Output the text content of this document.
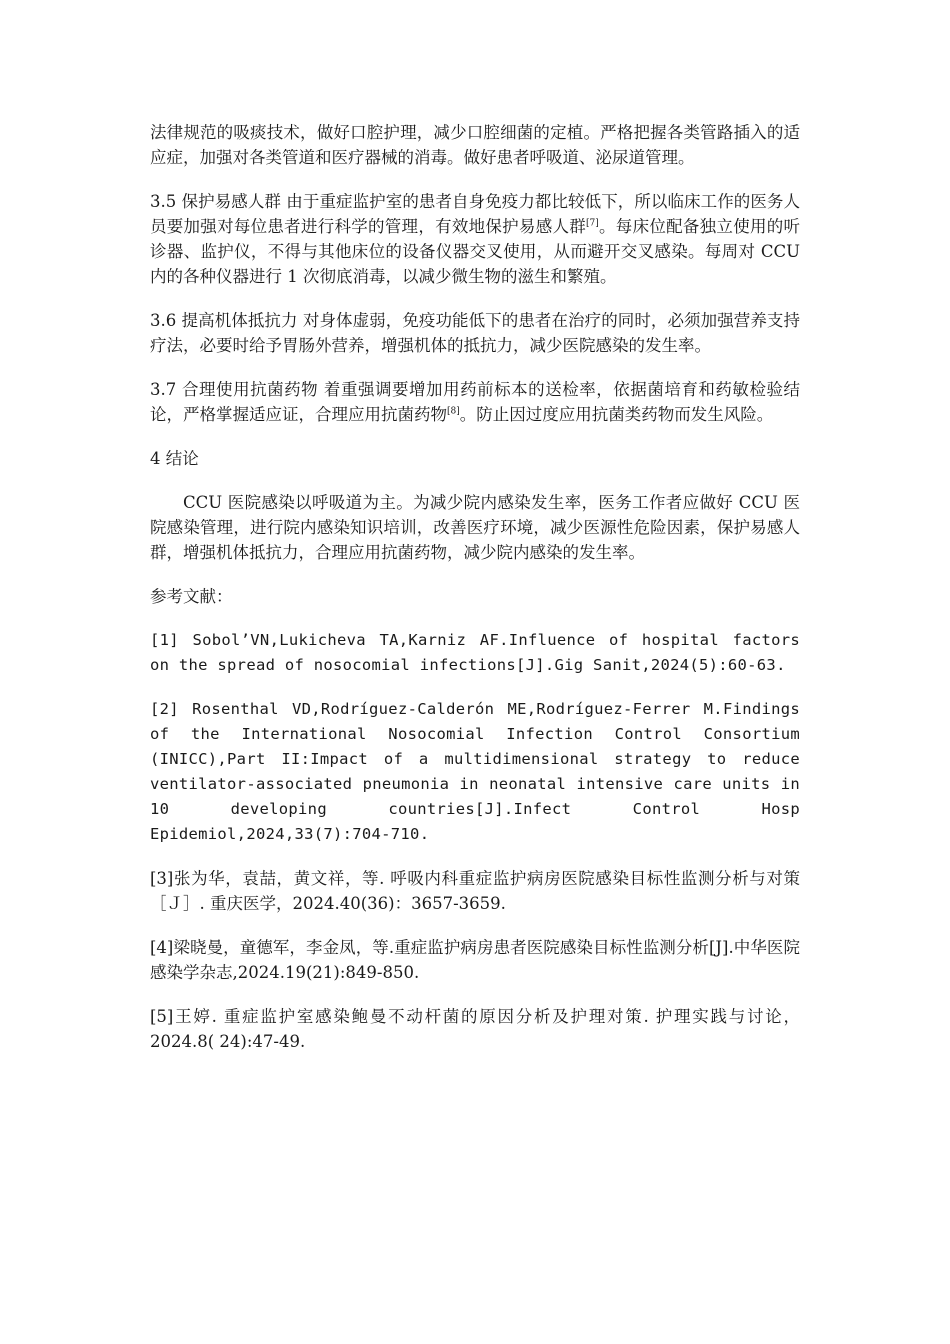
法律规范的吸痰技术，做好口腔护理，减少口腔细菌的定植。严格把握各类管路插入的适应症，加强对各类管道和医疗器械的消毒。做好患者呼吸道、泌尿道管理。

3.5 保护易感人群 由于重症监护室的患者自身免疫力都比较低下，所以临床工作的医务人员要加强对每位患者进行科学的管理，有效地保护易感人群[7]。每床位配备独立使用的听诊器、监护仪，不得与其他床位的设备仪器交叉使用，从而避开交叉感染。每周对 CCU 内的各种仪器进行 1 次彻底消毒，以减少微生物的滋生和繁殖。

3.6 提高机体抵抗力 对身体虚弱，免疫功能低下的患者在治疗的同时，必须加强营养支持疗法，必要时给予胃肠外营养，增强机体的抵抗力，减少医院感染的发生率。

3.7 合理使用抗菌药物 着重强调要增加用药前标本的送检率，依据菌培育和药敏检验结论，严格掌握适应证，合理应用抗菌药物[8]。防止因过度应用抗菌类药物而发生风险。

4 结论

CCU 医院感染以呼吸道为主。为减少院内感染发生率，医务工作者应做好 CCU 医院感染管理，进行院内感染知识培训，改善医疗环境，减少医源性危险因素，保护易感人群，增强机体抵抗力，合理应用抗菌药物，减少院内感染的发生率。

参考文献：

[1] Sobol’VN,Lukicheva TA,Karniz AF.Influence of hospital factors on the spread of nosocomial infections[J].Gig Sanit,2024(5):60-63.

[2] Rosenthal VD,Rodríguez-Calderón ME,Rodríguez-Ferrer M.Findings of the International Nosocomial Infection Control Consortium (INICC),Part II:Impact of a multidimensional strategy to reduce ventilator-associated pneumonia in neonatal intensive care units in 10 developing countries[J].Infect Control Hosp Epidemiol,2024,33(7):704-710.

[3]张为华，袁喆，黄文祥，等. 呼吸内科重症监护病房医院感染目标性监测分析与对策［Ｊ］. 重庆医学，2024.40(36)：3657-3659.

[4]梁晓曼，童德军，李金凤，等.重症监护病房患者医院感染目标性监测分析[J].中华医院感染学杂志,2024.19(21):849-850.

[5]王婷. 重症监护室感染鲍曼不动杆菌的原因分析及护理对策. 护理实践与讨论，2024.8( 24):47-49.
